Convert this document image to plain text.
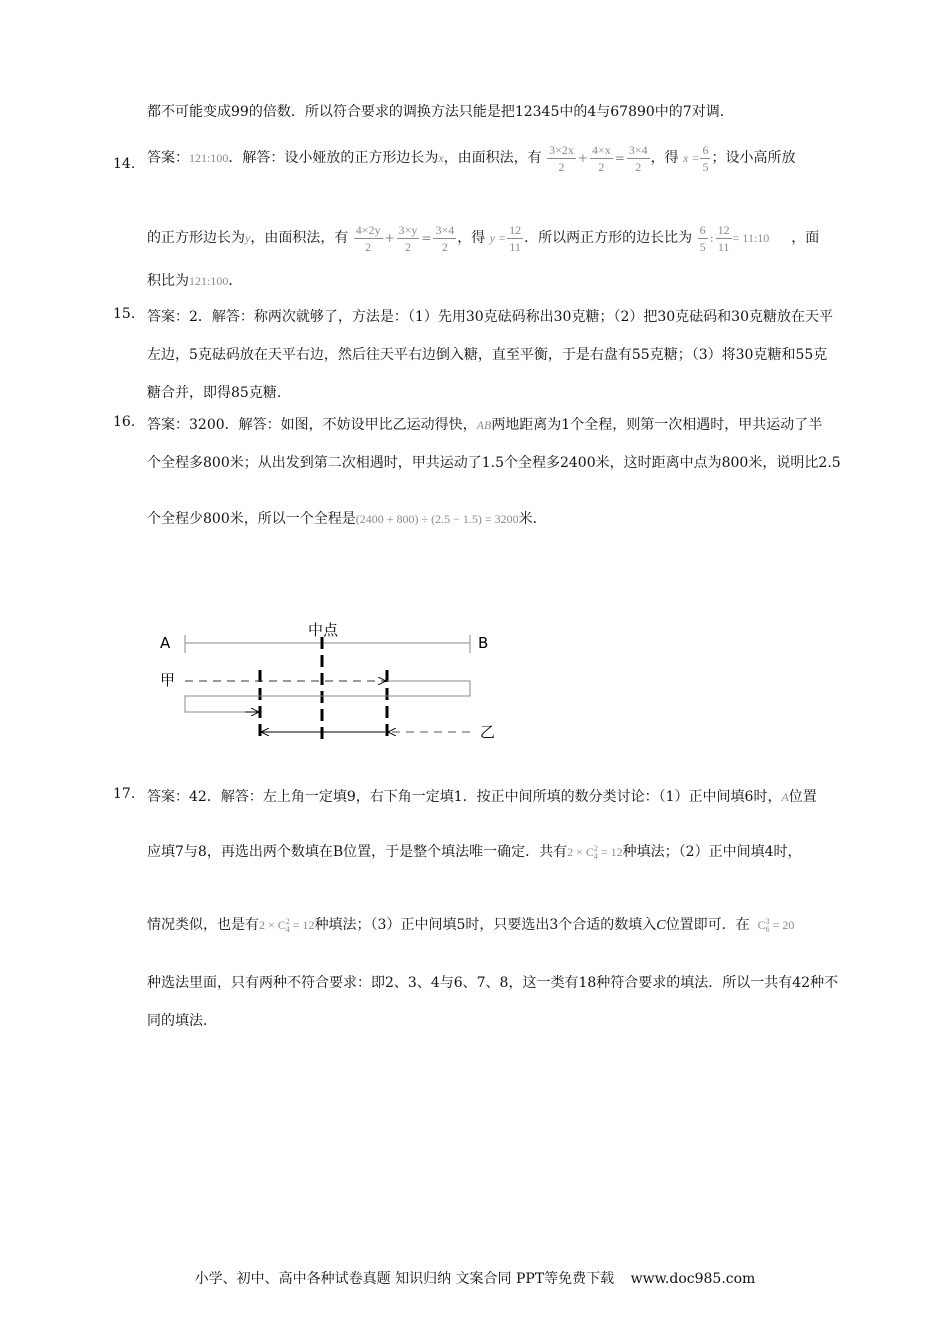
都不可能变成99的倍数．所以符合要求的调换方法只能是把12345中的4与67890中的7对调．
14. 答案：121:100．解答：设小娅放的正方形边长为x，由面积法，有 $\frac{3\times 2x}{2} + \frac{4\times x}{2} = \frac{3\times 4}{2}$ ，得 $x = \frac{6}{5}$ ；设小高所放
的正方形边长为y，由面积法，有 $\frac{4\times 2y}{2} + \frac{3\times y}{2} = \frac{3\times 4}{2}$ ，得 $y = \frac{12}{11}$ ．所以两正方形的边长比为 $\frac{6}{5}$ : $\frac{12}{11}$ = 11:10 ，面
积比为121:100．
15. 答案：2．解答：称两次就够了，方法是：（1）先用30克砝码称出30克糖；（2）把30克砝码和30克糖放在天平
左边，5克砝码放在天平右边，然后往天平右边倒入糖，直至平衡，于是右盘有55克糖；（3）将30克糖和55克
糖合并，即得85克糖．
16. 答案：3200．解答：如图，不妨设甲比乙运动得快，AB两地距离为1个全程，则第一次相遇时，甲共运动了半
个全程多800米；从出发到第二次相遇时，甲共运动了1.5个全程多2400米，这时距离中点为800米，说明比2.5
个全程少800米，所以一个全程是(2400 + 800) ÷ (2.5 − 1.5) = 3200米．
A	B
中点
甲
乙
17. 答案：42．解答：左上角一定填9，右下角一定填1．按正中间所填的数分类讨论：（1）正中间填6时，A位置
应填7与8，再选出两个数填在B位置，于是整个填法唯一确定．共有2 × C 2
4 = 12种填法；（2）正中间填4时，
情况类似，也是有2 × C 2
4 = 12种填法；（3）正中间填5时，只要选出3个合适的数填入C位置即可．在 C 3
6 = 20
种选法里面，只有两种不符合要求：即2、3、4与6、7、8，这一类有18种符合要求的填法．所以一共有42种不
同的填法．
小学、初中、高中各种试卷真题 知识归纳 文案合同 PPT等免费下载 www.doc985.com
